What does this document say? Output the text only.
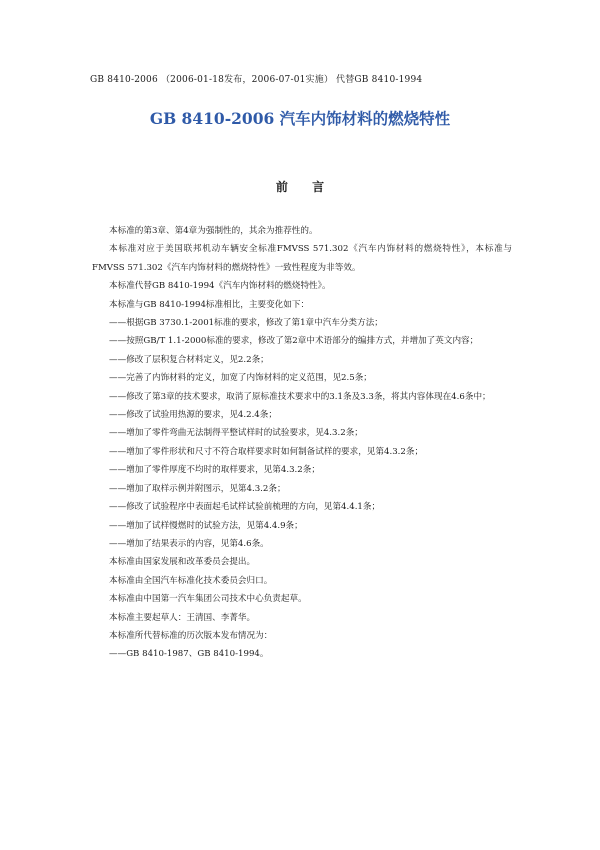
GB 8410-2006 （2006-01-18发布，2006-07-01实施） 代替GB 8410-1994
GB 8410-2006 汽车内饰材料的燃烧特性
前 言

本标准的第3章、第4章为强制性的，其余为推荐性的。

本标准对应于美国联邦机动车辆安全标准FMVSS 571.302《汽车内饰材料的燃烧特性》，本标准与FMVSS 571.302《汽车内饰材料的燃烧特性》一致性程度为非等效。

本标准代替GB 8410-1994《汽车内饰材料的燃烧特性》。

本标准与GB 8410-1994标准相比，主要变化如下：

——根据GB 3730.1-2001标准的要求，修改了第1章中汽车分类方法；

——按照GB/T 1.1-2000标准的要求，修改了第2章中术语部分的编排方式，并增加了英文内容；

——修改了层积复合材料定义，见2.2条；

——完善了内饰材料的定义，加宽了内饰材料的定义范围，见2.5条；

——修改了第3章的技术要求，取消了原标准技术要求中的3.1条及3.3条，将其内容体现在4.6条中；

——修改了试验用热源的要求，见4.2.4条；

——增加了零件弯曲无法制得平整试样时的试验要求，见4.3.2条；

——增加了零件形状和尺寸不符合取样要求时如何制备试样的要求，见第4.3.2条；

——增加了零件厚度不均时的取样要求，见第4.3.2条；

——增加了取样示例并附图示，见第4.3.2条；

——修改了试验程序中表面起毛试样试验前梳理的方向，见第4.4.1条；

——增加了试样慢燃时的试验方法，见第4.4.9条；

——增加了结果表示的内容，见第4.6条。

本标准由国家发展和改革委员会提出。

本标准由全国汽车标准化技术委员会归口。

本标准由中国第一汽车集团公司技术中心负责起草。

本标准主要起草人：王清国、李菁华。

本标准所代替标准的历次版本发布情况为：

——GB 8410-1987、GB 8410-1994。
